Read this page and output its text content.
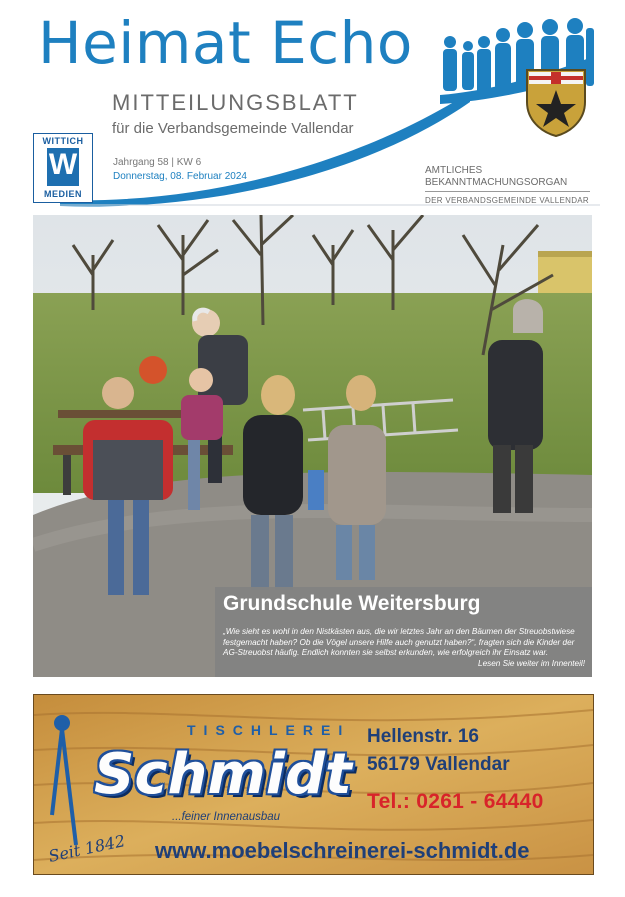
Heimat Echo
MITTEILUNGSBLATT
für die Verbandsgemeinde Vallendar
Jahrgang 58 | KW 6
Donnerstag, 08. Februar 2024
AMTLICHES
BEKANNTMACHUNGSORGAN
DER VERBANDSGEMEINDE VALLENDAR
WITTICH
W
MEDIEN
Grundschule Weitersburg
„Wie sieht es wohl in den Nistkästen aus, die wir letztes Jahr an den Bäumen der Streuobstwiese festgemacht haben? Ob die Vögel unsere Hilfe auch genutzt haben?“, fragten sich die Kinder der AG-Streuobst häufig. Endlich konnten sie selbst erkunden, wie erfolgreich ihr Einsatz war.
Lesen Sie weiter im Innenteil!
TISCHLEREI
Schmidt
...feiner Innenausbau
Seit 1842
Hellenstr. 16
56179 Vallendar
Tel.: 0261 - 64440
www.moebelschreinerei-schmidt.de
